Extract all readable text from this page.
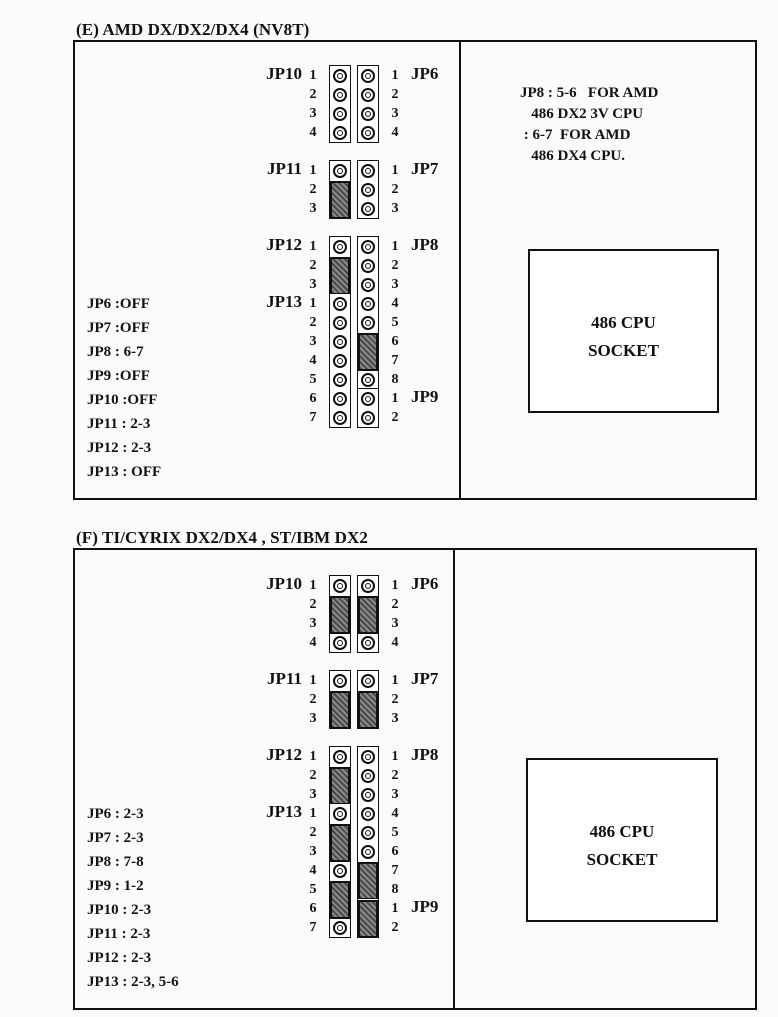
(E) AMD DX/DX2/DX4 (NV8T)
JP8 : 5-6   FOR AMD
486 DX2 3V CPU
: 6-7  FOR AMD
486 DX4 CPU.
486 CPU
SOCKET
JP6 :OFF
JP7 :OFF
JP8 : 6-7
JP9 :OFF
JP10 :OFF
JP11 : 2-3
JP12 : 2-3
JP13 : OFF
(F) TI/CYRIX DX2/DX4 , ST/IBM DX2
486 CPU
SOCKET
JP6 : 2-3
JP7 : 2-3
JP8 : 7-8
JP9 : 1-2
JP10 : 2-3
JP11 : 2-3
JP12 : 2-3
JP13 : 2-3, 5-6
JP10 1
2
3
4
JP11 1
2
3
JP12 1
2
3
JP13 1
2
3
4
5
6
7
JP6
1
2
3
4
JP7
1
2
3
JP8
1
2
3
4
5
6
7
8
JP9
1
2
JP10 1
2
3
4
JP11 1
2
3
JP12 1
2
3
JP13 1
2
3
4
5
6
7
JP6
1
2
3
4
JP7
1
2
3
JP8
1
2
3
4
5
6
7
8
JP9
1
2
